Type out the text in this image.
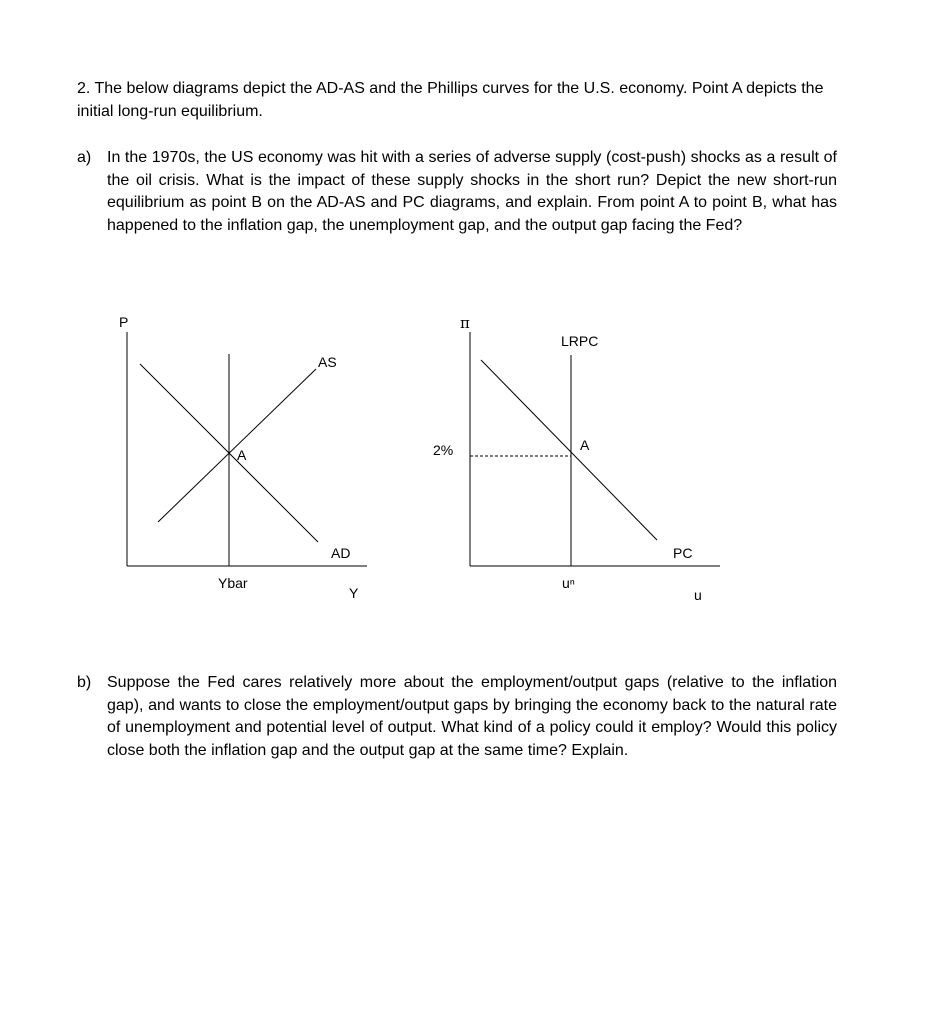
2. The below diagrams depict the AD-AS and the Phillips curves for the U.S. economy. Point A depicts the initial long-run equilibrium.

a) In the 1970s, the US economy was hit with a series of adverse supply (cost-push) shocks as a result of the oil crisis. What is the impact of these supply shocks in the short run? Depict the new short-run equilibrium as point B on the AD-AS and PC diagrams, and explain. From point A to point B, what has happened to the inflation gap, the unemployment gap, and the output gap facing the Fed?
P
AS
A
AD
Ybar
Y
π
LRPC
2%	A
PC
uⁿ
u
b) Suppose the Fed cares relatively more about the employment/output gaps (relative to the inflation gap), and wants to close the employment/output gaps by bringing the economy back to the natural rate of unemployment and potential level of output. What kind of a policy could it employ? Would this policy close both the inflation gap and the output gap at the same time? Explain.
